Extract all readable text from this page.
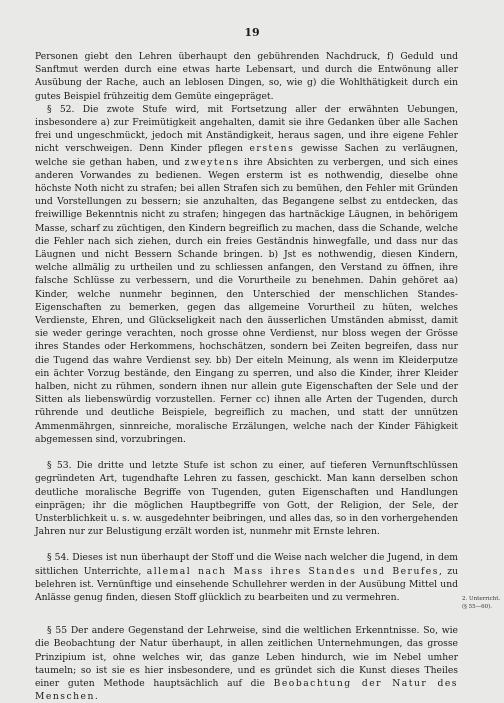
19

Personen giebt den Lehren überhaupt den gebührenden Nachdruck, f) Geduld und Sanftmut werden durch eine etwas harte Lebensart, und durch die Entwönung aller Ausübung der Rache, auch an leblosen Dingen, so, wie g) die Wohlthätigkeit durch ein gutes Beispiel frühzeitig dem Gemüte eingepräget.

§ 52. Die zwote Stufe wird, mit Fortsetzung aller der erwähnten Uebungen, insbesondere a) zur Freimütigkeit angehalten, damit sie ihre Gedanken über alle Sachen frei und ungeschmückt, jedoch mit Anständigkeit, heraus sagen, und ihre eigene Fehler nicht verschweigen. Denn Kinder pflegen erstens gewisse Sachen zu verläugnen, welche sie gethan haben, und zweytens ihre Absichten zu verbergen, und sich eines anderen Vorwandes zu bedienen. Wegen ersterm ist es nothwendig, dieselbe ohne höchste Noth nicht zu strafen; bei allen Strafen sich zu bemühen, den Fehler mit Gründen und Vorstellungen zu bessern; sie anzuhalten, das Begangene selbst zu entdecken, das freiwillige Bekenntnis nicht zu strafen; hingegen das hartnäckige Läugnen, in behörigem Masse, scharf zu züchtigen, den Kindern begreiflich zu machen, dass die Schande, welche die Fehler nach sich ziehen, durch ein freies Geständnis hinwegfalle, und dass nur das Läugnen und nicht Bessern Schande bringen. b) Jst es nothwendig, diesen Kindern, welche allmälig zu urtheilen und zu schliessen anfangen, den Verstand zu öffnen, ihre falsche Schlüsse zu verbessern, und die Vorurtheile zu benehmen. Dahin gehöret aa) Kinder, welche nunmehr beginnen, den Unterschied der menschlichen Standes-Eigenschaften zu bemerken, gegen das allgemeine Vorurtheil zu hüten, welches Verdienste, Ehren, und Glückseligkeit nach den äusserlichen Umständen abmisst, damit sie weder geringe verachten, noch grosse ohne Verdienst, nur bloss wegen der Grösse ihres Standes oder Herkommens, hochschätzen, sondern bei Zeiten begreifen, dass nur die Tugend das wahre Verdienst sey. bb) Der eiteln Meinung, als wenn im Kleiderputze ein ächter Vorzug bestände, den Eingang zu sperren, und also die Kinder, ihrer Kleider halben, nicht zu rühmen, sondern ihnen nur allein gute Eigenschaften der Sele und der Sitten als liebenswürdig vorzustellen. Ferner cc) ihnen alle Arten der Tugenden, durch rührende und deutliche Beispiele, begreiflich zu machen, und statt der unnützen Ammenmährgen, sinnreiche, moralische Erzälungen, welche nach der Kinder Fähigkeit abgemessen sind, vorzubringen.

§ 53. Die dritte und letzte Stufe ist schon zu einer, auf tieferen Vernunftschlüssen gegründeten Art, tugendhafte Lehren zu fassen, geschickt. Man kann derselben schon deutliche moralische Begriffe von Tugenden, guten Eigenschaften und Handlungen einprägen; ihr die möglichen Hauptbegriffe von Gott, der Religion, der Sele, der Unsterblichkeit u. s. w. ausgedehnter beibringen, und alles das, so in den vorhergehenden Jahren nur zur Belustigung erzält worden ist, nunmehr mit Ernste lehren.

§ 54. Dieses ist nun überhaupt der Stoff und die Weise nach welcher die Jugend, in dem sittlichen Unterrichte, allemal nach Mass ihres Standes und Berufes, zu belehren ist. Vernünftige und einsehende Schullehrer werden in der Ausübung Mittel und Anlässe genug finden, diesen Stoff glücklich zu bearbeiten und zu vermehren.

§ 55 Der andere Gegenstand der Lehrweise, sind die weltlichen Erkenntnisse. So, wie die Beobachtung der Natur überhaupt, in allen zeitlichen Unternehmungen, das grosse Prinzipium ist, ohne welches wir, das ganze Leben hindurch, wie im Nebel umher taumeln; so ist sie es hier insbesondere, und es gründet sich die Kunst dieses Theiles einer guten Methode hauptsächlich auf die Beobachtung der Natur des Menschen.

2. Unterricht. (§ 55—60).
